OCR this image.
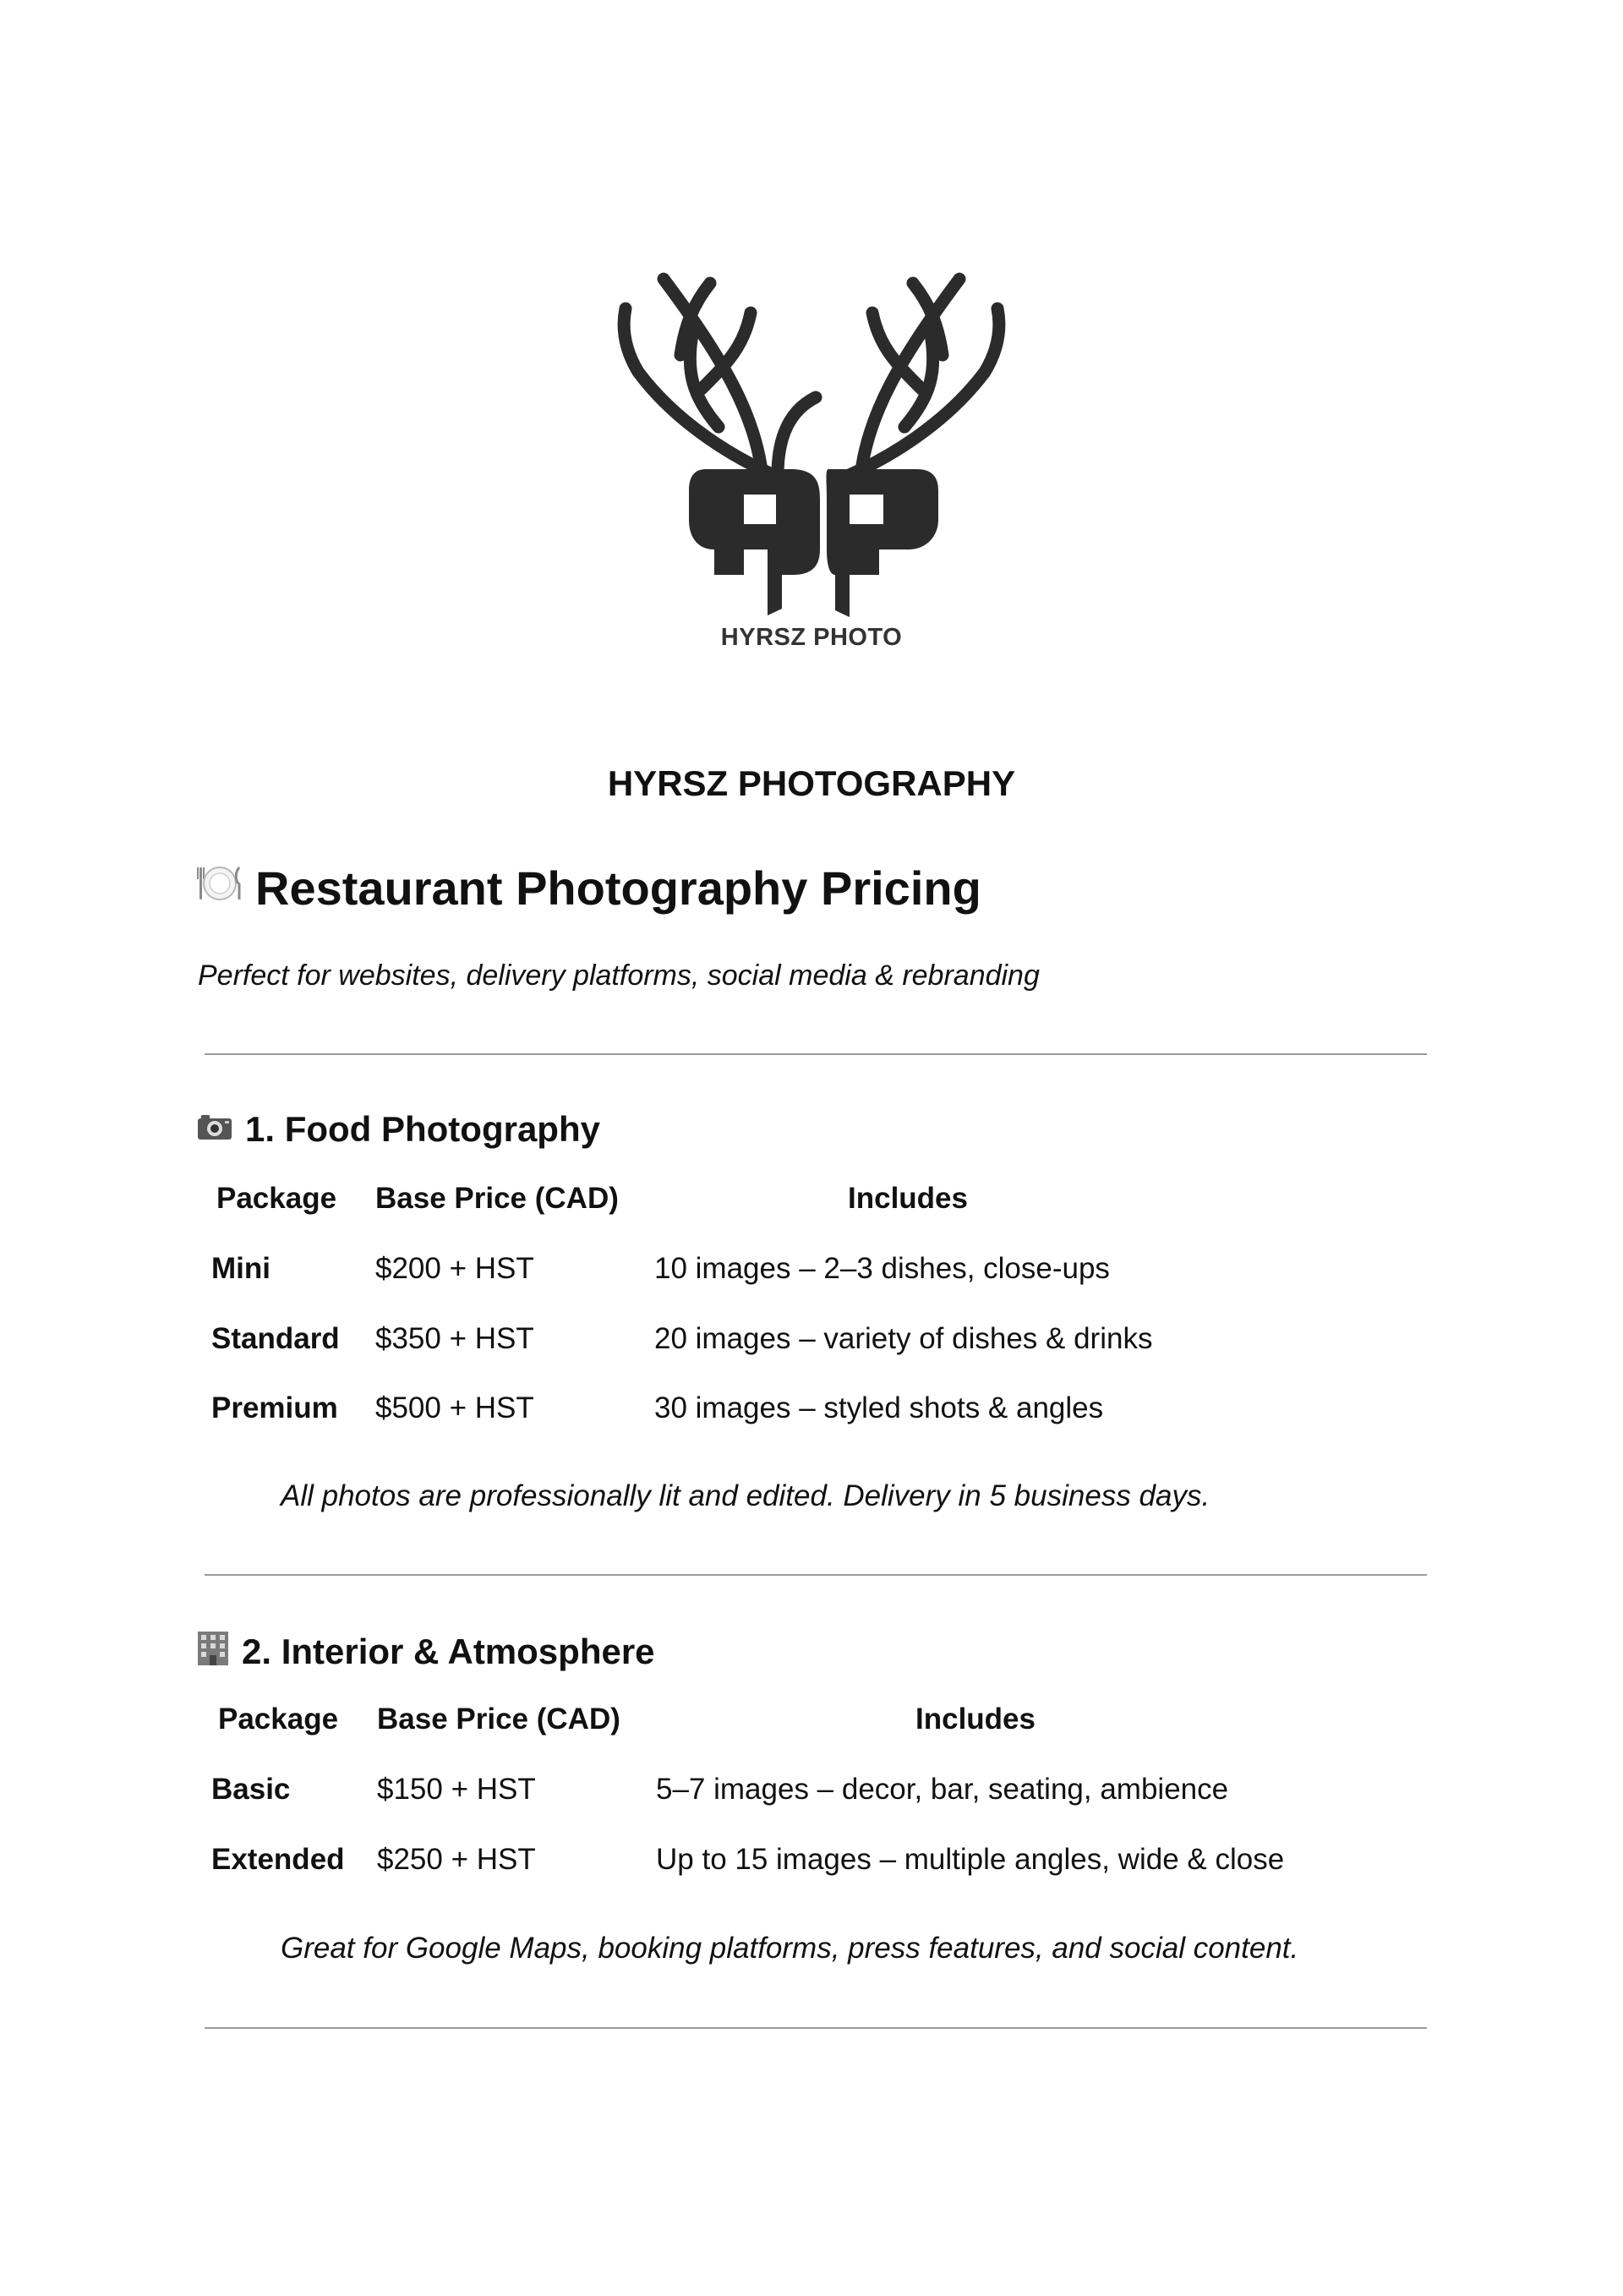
HYRSZ PHOTO
HYRSZ PHOTOGRAPHY
Restaurant Photography Pricing
Perfect for websites, delivery platforms, social media & rebranding
1. Food Photography
Package Base Price (CAD)	Includes
Mini	$200 + HST	10 images – 2–3 dishes, close-ups
Standard $350 + HST	20 images – variety of dishes & drinks
Premium $500 + HST	30 images – styled shots & angles
All photos are professionally lit and edited. Delivery in 5 business days.
2. Interior & Atmosphere
Package Base Price (CAD)	Includes
Basic	$150 + HST	5–7 images – decor, bar, seating, ambience
Extended $250 + HST	Up to 15 images – multiple angles, wide & close
Great for Google Maps, booking platforms, press features, and social content.
